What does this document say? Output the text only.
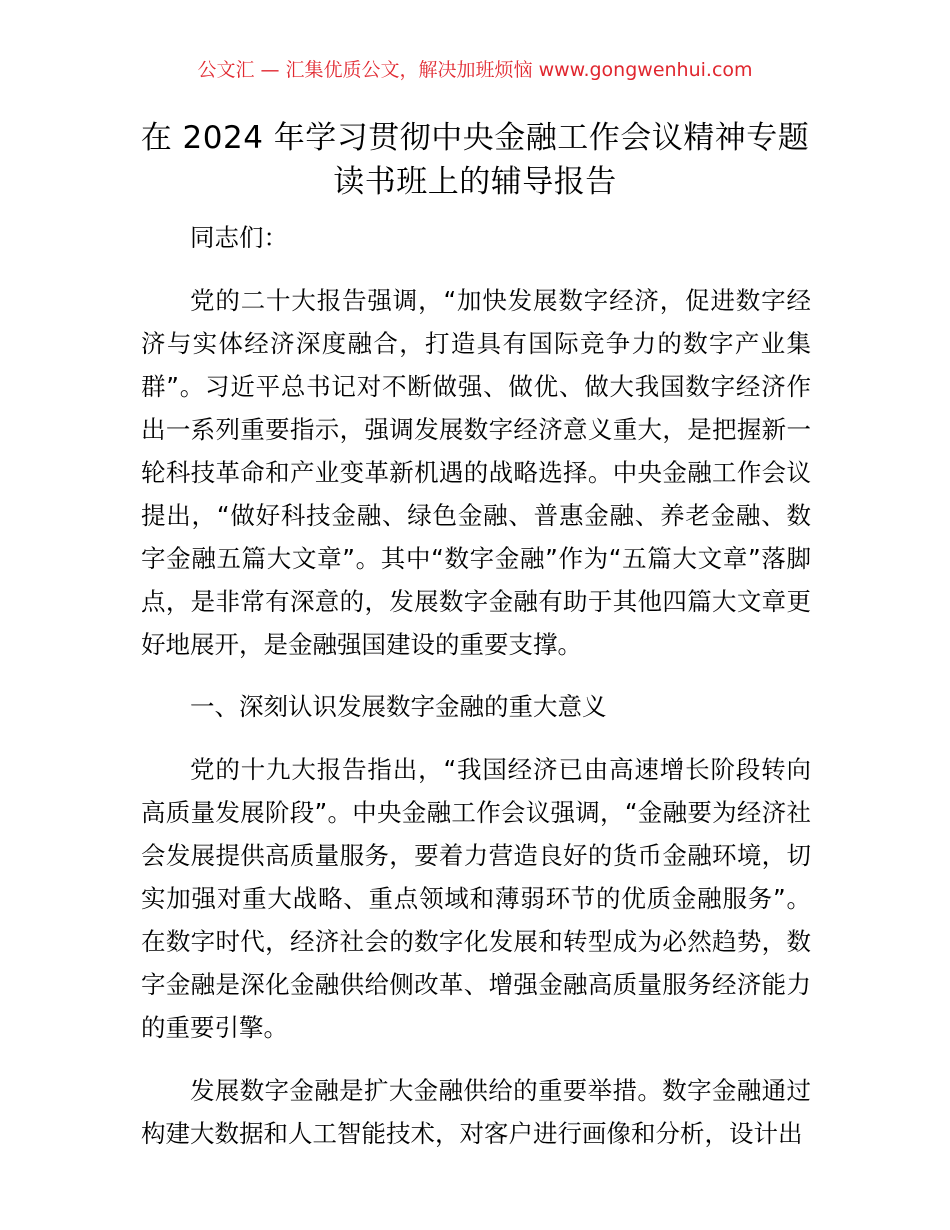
公文汇 — 汇集优质公文，解决加班烦恼 www.gongwenhui.com
在 2024 年学习贯彻中央金融工作会议精神专题
读书班上的辅导报告

同志们：

党的二十大报告强调，“加快发展数字经济，促进数字经济与实体经济深度融合，打造具有国际竞争力的数字产业集群”。习近平总书记对不断做强、做优、做大我国数字经济作出一系列重要指示，强调发展数字经济意义重大，是把握新一轮科技革命和产业变革新机遇的战略选择。中央金融工作会议提出，“做好科技金融、绿色金融、普惠金融、养老金融、数字金融五篇大文章”。其中“数字金融”作为“五篇大文章”落脚点，是非常有深意的，发展数字金融有助于其他四篇大文章更好地展开，是金融强国建设的重要支撑。

一、深刻认识发展数字金融的重大意义

党的十九大报告指出，“我国经济已由高速增长阶段转向高质量发展阶段”。中央金融工作会议强调，“金融要为经济社会发展提供高质量服务，要着力营造良好的货币金融环境，切实加强对重大战略、重点领域和薄弱环节的优质金融服务”。在数字时代，经济社会的数字化发展和转型成为必然趋势，数字金融是深化金融供给侧改革、增强金融高质量服务经济能力的重要引擎。

发展数字金融是扩大金融供给的重要举措。数字金融通过构建大数据和人工智能技术，对客户进行画像和分析，设计出
